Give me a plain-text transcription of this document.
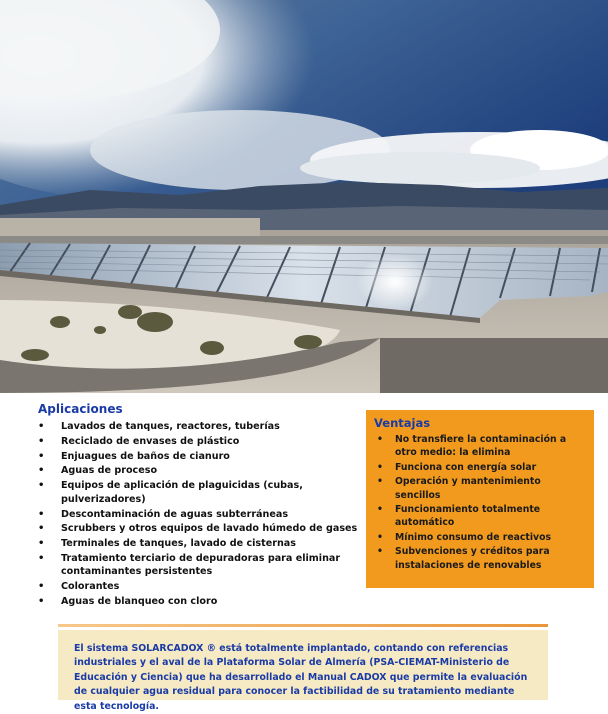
Aplicaciones
• Lavados de tanques, reactores, tuberías
• Reciclado de envases de plástico
• Enjuagues de baños de cianuro
• Aguas de proceso
• Equipos de aplicación de plaguicidas (cubas, pulverizadores)
• Descontaminación de aguas subterráneas
• Scrubbers y otros equipos de lavado húmedo de gases
• Terminales de tanques, lavado de cisternas
• Tratamiento terciario de depuradoras para eliminar contaminantes persistentes
• Colorantes
• Aguas de blanqueo con cloro
Ventajas
• No transfiere la contaminación a otro medio: la elimina
• Funciona con energía solar
• Operación y mantenimiento sencillos
• Funcionamiento totalmente automático
• Mínimo consumo de reactivos
• Subvenciones y créditos para instalaciones de renovables

El sistema SOLARCADOX ® está totalmente implantado, contando con referencias industriales y el aval de la Plataforma Solar de Almería (PSA-CIEMAT-Ministerio de Educación y Ciencia) que ha desarrollado el Manual CADOX que permite la evaluación de cualquier agua residual para conocer la factibilidad de su tratamiento mediante esta tecnología.
